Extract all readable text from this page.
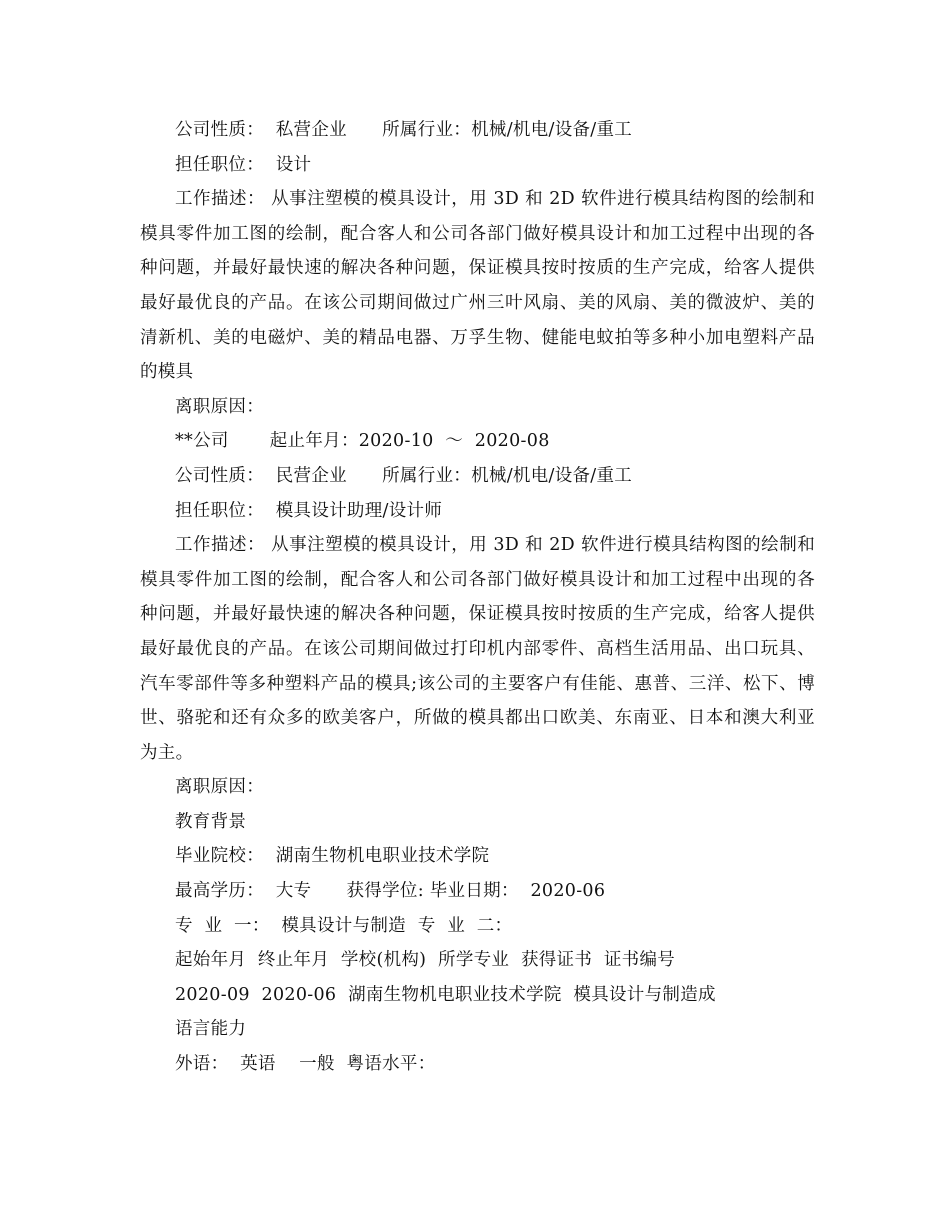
公司性质：  私营企业      所属行业：机械/机电/设备/重工
担任职位：  设计
工作描述： 从事注塑模的模具设计，用 3D 和 2D 软件进行模具结构图的绘制和模具零件加工图的绘制，配合客人和公司各部门做好模具设计和加工过程中出现的各种问题，并最好最快速的解决各种问题，保证模具按时按质的生产完成，给客人提供最好最优良的产品。在该公司期间做过广州三叶风扇、美的风扇、美的微波炉、美的清新机、美的电磁炉、美的精品电器、万孚生物、健能电蚊拍等多种小加电塑料产品的模具
离职原因：
**公司       起止年月：2020-10  ～  2020-08
公司性质：  民营企业      所属行业：机械/机电/设备/重工
担任职位：  模具设计助理/设计师
工作描述： 从事注塑模的模具设计，用 3D 和 2D 软件进行模具结构图的绘制和模具零件加工图的绘制，配合客人和公司各部门做好模具设计和加工过程中出现的各种问题，并最好最快速的解决各种问题，保证模具按时按质的生产完成，给客人提供最好最优良的产品。在该公司期间做过打印机内部零件、高档生活用品、出口玩具、汽车零部件等多种塑料产品的模具;该公司的主要客户有佳能、惠普、三洋、松下、博世、骆驼和还有众多的欧美客户，所做的模具都出口欧美、东南亚、日本和澳大利亚为主。
离职原因：
教育背景
毕业院校：  湖南生物机电职业技术学院
最高学历：  大专      获得学位: 毕业日期：  2020-06
专  业  一：  模具设计与制造  专  业  二：
起始年月  终止年月  学校(机构)  所学专业  获得证书  证书编号
2020-09  2020-06  湖南生物机电职业技术学院  模具设计与制造成
语言能力
外语：  英语    一般  粤语水平：
